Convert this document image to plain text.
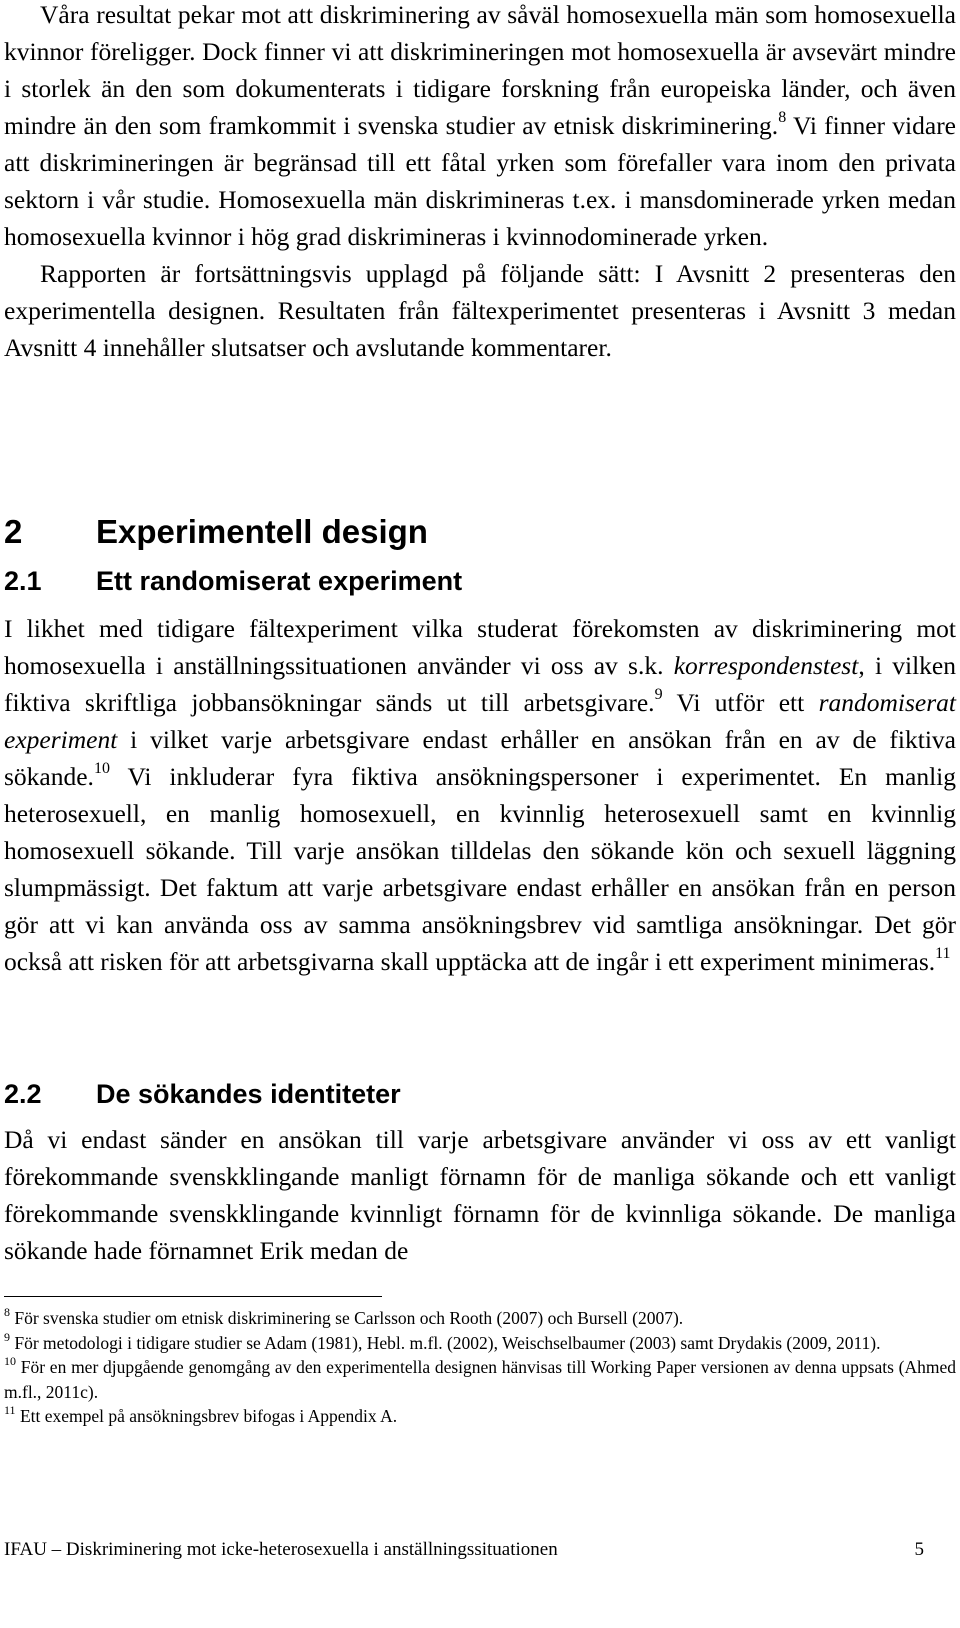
Våra resultat pekar mot att diskriminering av såväl homosexuella män som homosexuella kvinnor föreligger. Dock finner vi att diskrimineringen mot homosexuella är avsevärt mindre i storlek än den som dokumenterats i tidigare forskning från europeiska länder, och även mindre än den som framkommit i svenska studier av etnisk diskriminering.$^8$ Vi finner vidare att diskrimineringen är begränsad till ett fåtal yrken som förefaller vara inom den privata sektorn i vår studie. Homosexuella män diskrimineras t.ex. i mansdominerade yrken medan homosexuella kvinnor i hög grad diskrimineras i kvinnodominerade yrken.

Rapporten är fortsättningsvis upplagd på följande sätt: I Avsnitt 2 presenteras den experimentella designen. Resultaten från fältexperimentet presenteras i Avsnitt 3 medan Avsnitt 4 innehåller slutsatser och avslutande kommentarer.

2 Experimentell design
2.1 Ett randomiserat experiment

I likhet med tidigare fältexperiment vilka studerat förekomsten av diskriminering mot homosexuella i anställningssituationen använder vi oss av s.k. korrespondenstest, i vilken fiktiva skriftliga jobbansökningar sänds ut till arbetsgivare.$^9$ Vi utför ett randomiserat experiment i vilket varje arbetsgivare endast erhåller en ansökan från en av de fiktiva sökande.$^{10}$ Vi inkluderar fyra fiktiva ansökningspersoner i experimentet. En manlig heterosexuell, en manlig homosexuell, en kvinnlig heterosexuell samt en kvinnlig homosexuell sökande. Till varje ansökan tilldelas den sökande kön och sexuell läggning slumpmässigt. Det faktum att varje arbetsgivare endast erhåller en ansökan från en person gör att vi kan använda oss av samma ansökningsbrev vid samtliga ansökningar. Det gör också att risken för att arbetsgivarna skall upptäcka att de ingår i ett experiment minimeras.$^{11}$

2.2 De sökandes identiteter

Då vi endast sänder en ansökan till varje arbetsgivare använder vi oss av ett vanligt förekommande svenskklingande manligt förnamn för de manliga sökande och ett vanligt förekommande svenskklingande kvinnligt förnamn för de kvinnliga sökande. De manliga sökande hade förnamnet Erik medan de

$^8$ För svenska studier om etnisk diskriminering se Carlsson och Rooth (2007) och Bursell (2007).

$^9$ För metodologi i tidigare studier se Adam (1981), Hebl. m.fl. (2002), Weischselbaumer (2003) samt Drydakis (2009, 2011).

$^{10}$ För en mer djupgående genomgång av den experimentella designen hänvisas till Working Paper versionen av denna uppsats (Ahmed m.fl., 2011c).

$^{11}$ Ett exempel på ansökningsbrev bifogas i Appendix A.

IFAU – Diskriminering mot icke-heterosexuella i anställningssituationen	5
